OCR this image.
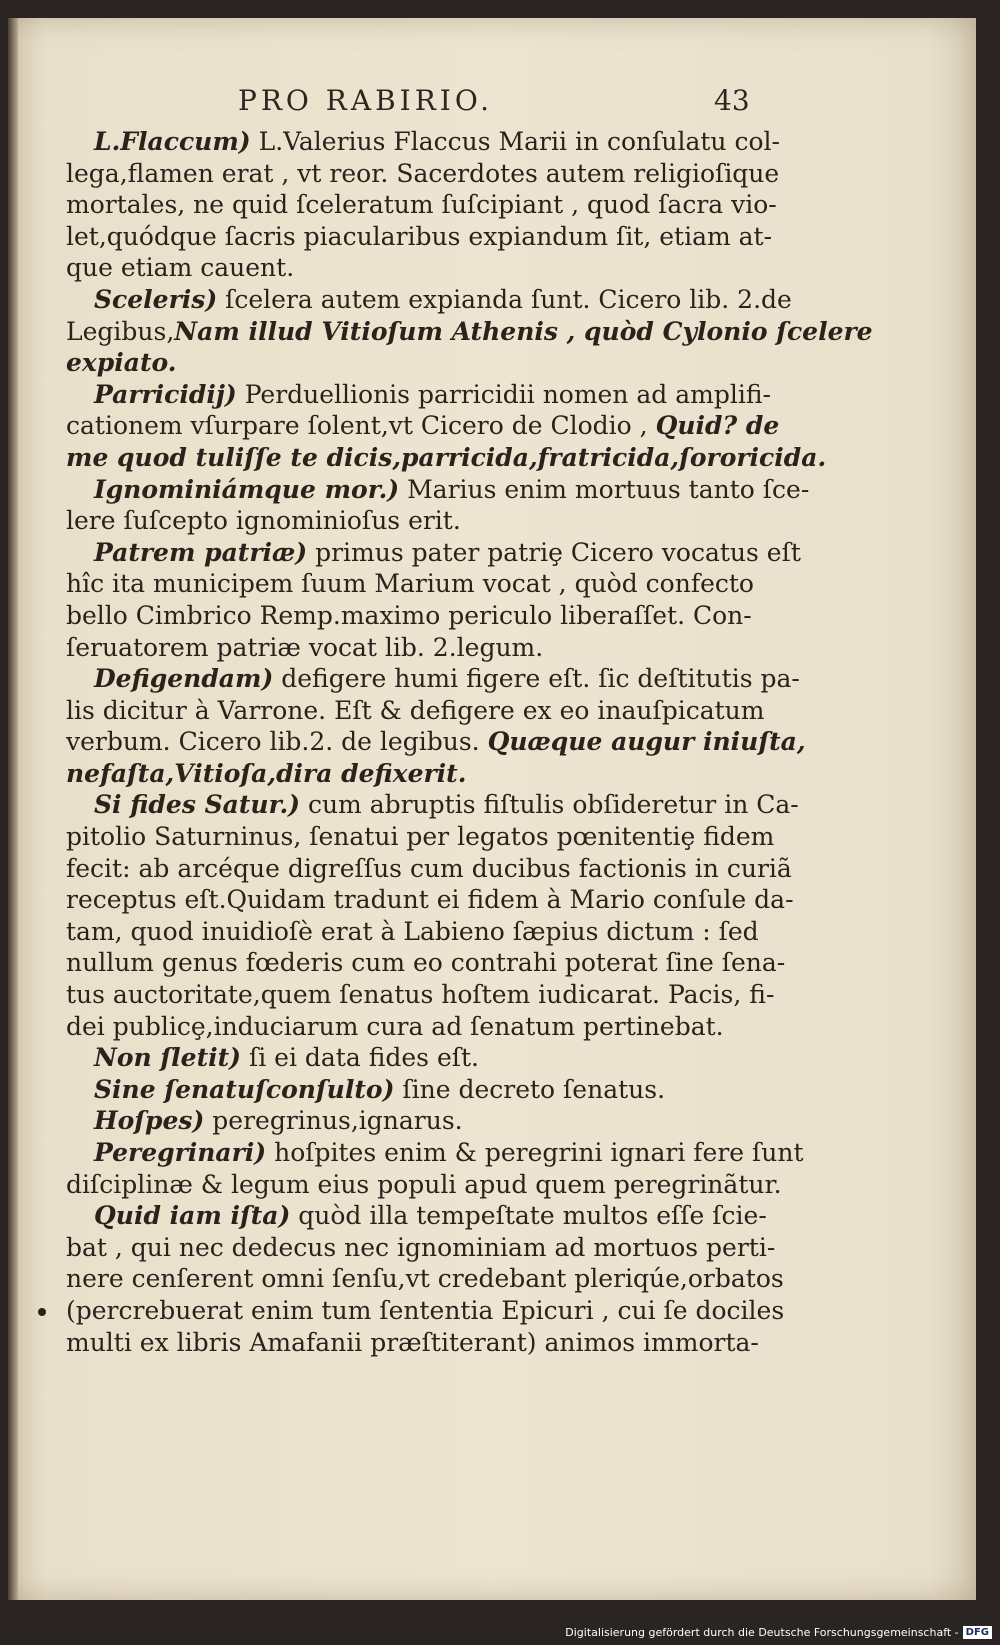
PRO RABIRIO.	43
L.Flaccum) L.Valerius Flaccus Marii in conſulatu col-
lega,flamen erat , vt reor. Sacerdotes autem religioſique
mortales, ne quid ſceleratum ſuſcipiant , quod ſacra vio-
let,quódque ſacris piacularibus expiandum ſit, etiam at-
que etiam cauent.
Sceleris) ſcelera autem expianda ſunt. Cicero lib. 2.de
Legibus,Nam illud Vitioſum Athenis , quòd Cylonio ſcelere
expiato.
Parricidij) Perduellionis parricidii nomen ad amplifi-
cationem vſurpare ſolent,vt Cicero de Clodio , Quid? de
me quod tuliſſe te dicis,parricida,fratricida,ſororicida.
Ignominiámque mor.) Marius enim mortuus tanto ſce-
lere ſuſcepto ignominioſus erit.
Patrem patriæ) primus pater patriȩ Cicero vocatus eſt
hîc ita municipem ſuum Marium vocat , quòd confecto
bello Cimbrico Remp.maximo periculo liberaſſet. Con-
ſeruatorem patriæ vocat lib. 2.legum.
Defigendam) defigere humi figere eſt. ſic deſtitutis pa-
lis dicitur à Varrone. Eſt & defigere ex eo inauſpicatum
verbum. Cicero lib.2. de legibus. Quæque augur iniuſta,
nefaſta,Vitioſa,dira defixerit.
Si fides Satur.) cum abruptis fiſtulis obſideretur in Ca-
pitolio Saturninus, ſenatui per legatos pœnitentiȩ fidem
fecit: ab arcéque digreſſus cum ducibus factionis in curiã
receptus eſt.Quidam tradunt ei fidem à Mario conſule da-
tam, quod inuidioſè erat à Labieno ſæpius dictum : ſed
nullum genus fœderis cum eo contrahi poterat ſine ſena-
tus auctoritate,quem ſenatus hoſtem iudicarat. Pacis, fi-
dei publicȩ,induciarum cura ad ſenatum pertinebat.
Non ſletit) ſi ei data fides eſt.
Sine ſenatuſconſulto) ſine decreto ſenatus.
Hoſpes) peregrinus,ignarus.
Peregrinari) hoſpites enim & peregrini ignari fere ſunt
diſciplinæ & legum eius populi apud quem peregrinãtur.
Quid iam iſta) quòd illa tempeſtate multos eſſe ſcie-
bat , qui nec dedecus nec ignominiam ad mortuos perti-
nere cenſerent omni ſenſu,vt credebant pleriqúe,orbatos
(percrebuerat enim tum ſententia Epicuri , cui ſe dociles
multi ex libris Amafanii præſtiterant) animos immorta-
Digitalisierung gefördert durch die Deutsche Forschungsgemeinschaft - DFG
